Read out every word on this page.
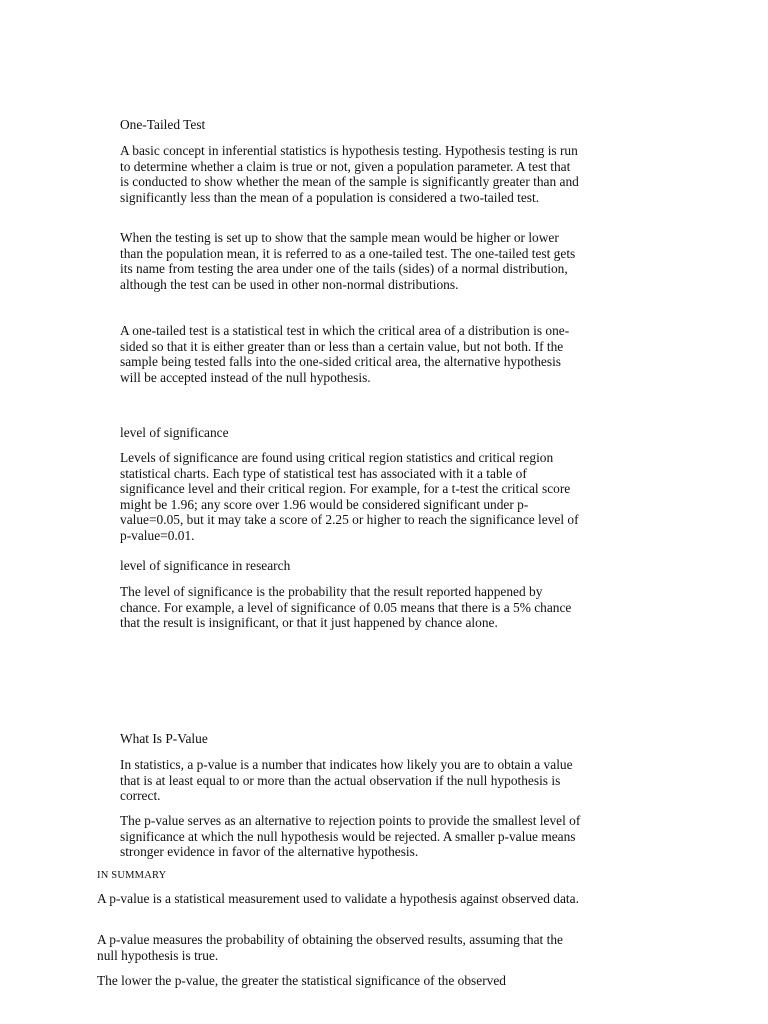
One-Tailed Test

A basic concept in inferential statistics is hypothesis testing. Hypothesis testing is run to determine whether a claim is true or not, given a population parameter. A test that is conducted to show whether the mean of the sample is significantly greater than and significantly less than the mean of a population is considered a two-tailed test.

When the testing is set up to show that the sample mean would be higher or lower than the population mean, it is referred to as a one-tailed test. The one-tailed test gets its name from testing the area under one of the tails (sides) of a normal distribution, although the test can be used in other non-normal distributions.

A one-tailed test is a statistical test in which the critical area of a distribution is one-sided so that it is either greater than or less than a certain value, but not both. If the sample being tested falls into the one-sided critical area, the alternative hypothesis will be accepted instead of the null hypothesis.

level of significance

Levels of significance are found using critical region statistics and critical region statistical charts. Each type of statistical test has associated with it a table of significance level and their critical region. For example, for a t-test the critical score might be 1.96; any score over 1.96 would be considered significant under p-value=0.05, but it may take a score of 2.25 or higher to reach the significance level of p-value=0.01.

level of significance in research

The level of significance is the probability that the result reported happened by chance. For example, a level of significance of 0.05 means that there is a 5% chance that the result is insignificant, or that it just happened by chance alone.

What Is P-Value

In statistics, a p-value is a number that indicates how likely you are to obtain a value that is at least equal to or more than the actual observation if the null hypothesis is correct.

The p-value serves as an alternative to rejection points to provide the smallest level of significance at which the null hypothesis would be rejected. A smaller p-value means stronger evidence in favor of the alternative hypothesis.

IN SUMMARY

A p-value is a statistical measurement used to validate a hypothesis against observed data.

A p-value measures the probability of obtaining the observed results, assuming that the null hypothesis is true.

The lower the p-value, the greater the statistical significance of the observed
